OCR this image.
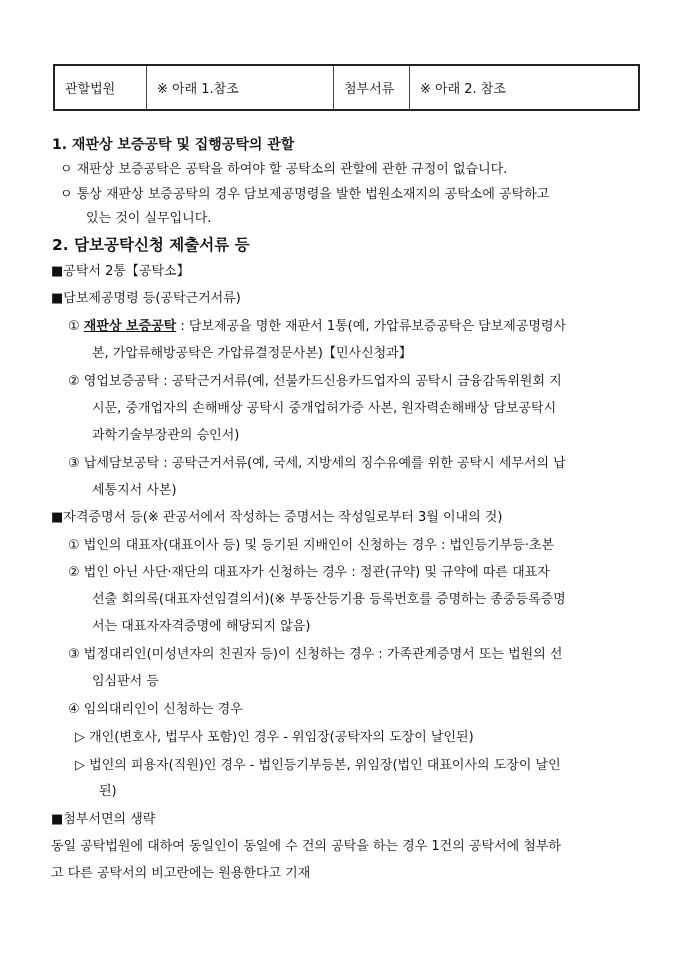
관할법원	※ 아래 1.참조	첨부서류	※ 아래 2. 참조
1. 재판상 보증공탁 및 집행공탁의 관할
ㅇ 재판상 보증공탁은 공탁을 하여야 할 공탁소의 관할에 관한 규정이 없습니다.
ㅇ 통상 재판상 보증공탁의 경우 담보제공명령을 발한 법원소재지의 공탁소에 공탁하고
있는 것이 실무입니다.
2. 담보공탁신청 제출서류 등
■공탁서 2통【공탁소】
■담보제공명령 등(공탁근거서류)
① 재판상 보증공탁 : 담보제공을 명한 재판서 1통(예, 가압류보증공탁은 담보제공명령사
본, 가압류해방공탁은 가압류결정문사본)【민사신청과】
② 영업보증공탁 : 공탁근거서류(예, 선불카드신용카드업자의 공탁시 금융감독위원회 지
시문, 중개업자의 손해배상 공탁시 중개업허가증 사본, 원자력손해배상 담보공탁시
과학기술부장관의 승인서)
③ 납세담보공탁 : 공탁근거서류(예, 국세, 지방세의 징수유예를 위한 공탁시 세무서의 납
세통지서 사본)
■자격증명서 등(※ 관공서에서 작성하는 증명서는 작성일로부터 3월 이내의 것)
① 법인의 대표자(대표이사 등) 및 등기된 지배인이 신청하는 경우 : 법인등기부등·초본
② 법인 아닌 사단·재단의 대표자가 신청하는 경우 : 정관(규약) 및 규약에 따른 대표자
선출 회의록(대표자선임결의서)(※ 부동산등기용 등록번호를 증명하는 종중등록증명
서는 대표자자격증명에 해당되지 않음)
③ 법정대리인(미성년자의 친권자 등)이 신청하는 경우 : 가족관계증명서 또는 법원의 선
임심판서 등
④ 임의대리인이 신청하는 경우
▷ 개인(변호사, 법무사 포함)인 경우 - 위임장(공탁자의 도장이 날인된)
▷ 법인의 피용자(직원)인 경우 - 법인등기부등본, 위임장(법인 대표이사의 도장이 날인
된)
■첨부서면의 생략
동일 공탁법원에 대하여 동일인이 동일에 수 건의 공탁을 하는 경우 1건의 공탁서에 첨부하
고 다른 공탁서의 비고란에는 원용한다고 기재
